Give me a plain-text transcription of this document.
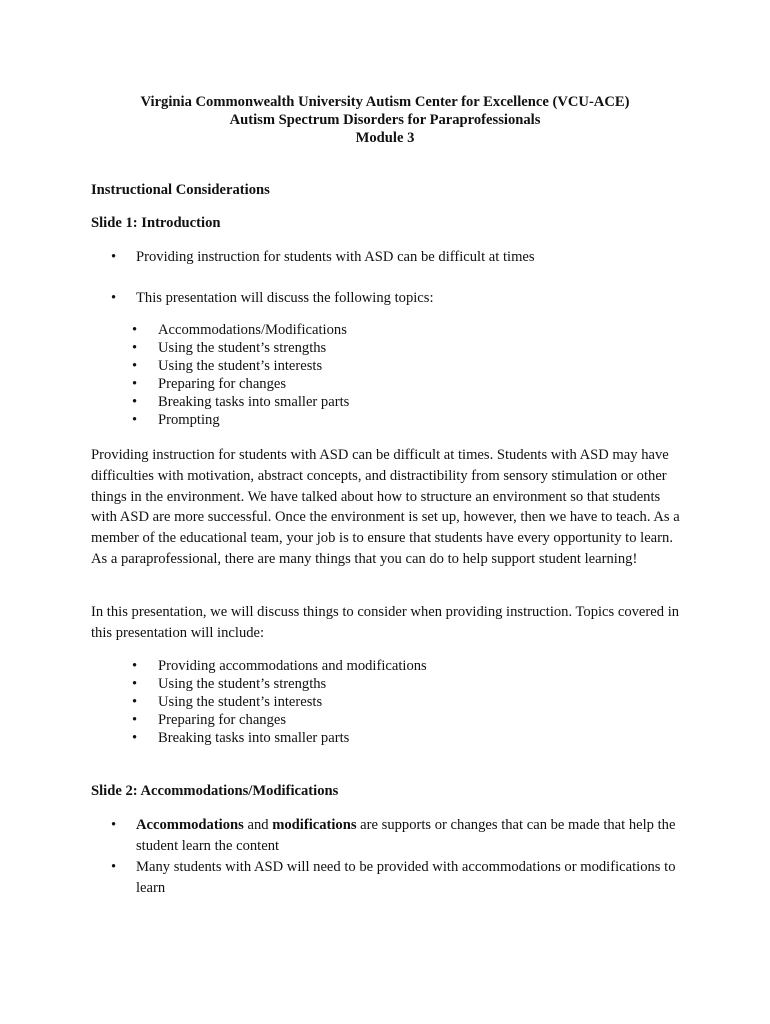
Virginia Commonwealth University Autism Center for Excellence (VCU-ACE)
Autism Spectrum Disorders for Paraprofessionals
Module 3
Instructional Considerations
Slide 1: Introduction
• Providing instruction for students with ASD can be difficult at times
• This presentation will discuss the following topics:
• Accommodations/Modifications
• Using the student’s strengths
• Using the student’s interests
• Preparing for changes
• Breaking tasks into smaller parts
• Prompting
Providing instruction for students with ASD can be difficult at times. Students with ASD may have difficulties with motivation, abstract concepts, and distractibility from sensory stimulation or other things in the environment. We have talked about how to structure an environment so that students with ASD are more successful. Once the environment is set up, however, then we have to teach. As a member of the educational team, your job is to ensure that students have every opportunity to learn. As a paraprofessional, there are many things that you can do to help support student learning!
In this presentation, we will discuss things to consider when providing instruction. Topics covered in this presentation will include:
• Providing accommodations and modifications
• Using the student’s strengths
• Using the student’s interests
• Preparing for changes
• Breaking tasks into smaller parts
Slide 2: Accommodations/Modifications
• Accommodations and modifications are supports or changes that can be made that help the student learn the content
• Many students with ASD will need to be provided with accommodations or modifications to learn
